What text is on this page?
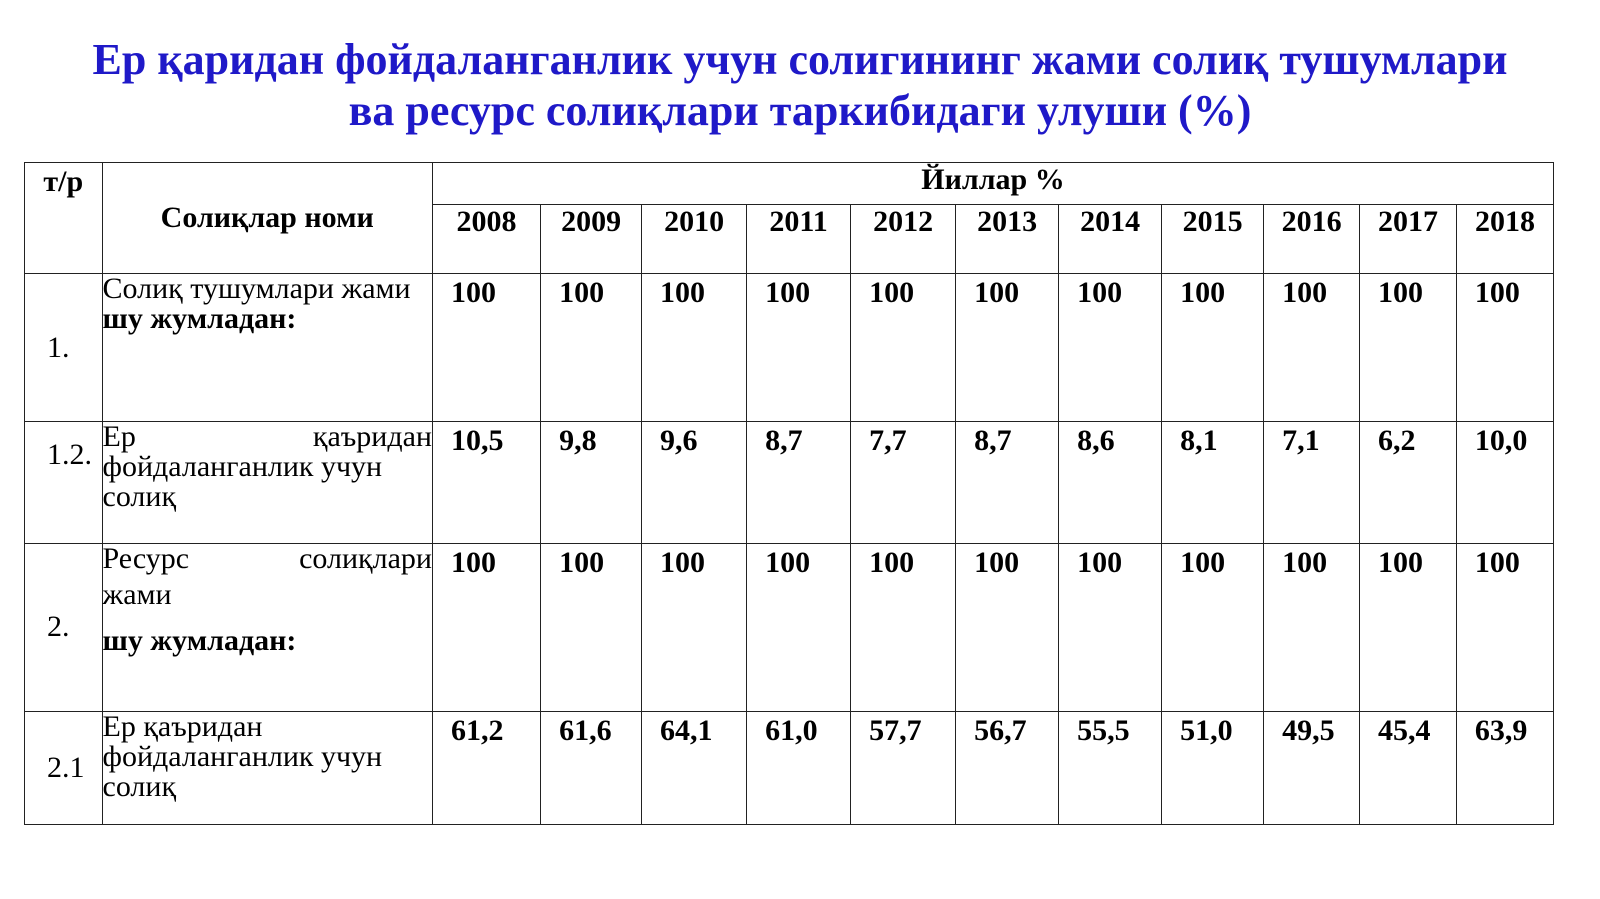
Ер қаридан фойдаланганлик учун солигининг жами солиқ тушумлари
ва ресурс солиқлари таркибидаги улуши (%)
т/р	Солиқлар номи	Йиллар %										
		2008	2009	2010	2011	2012	2013	2014	2015	2016	2017	2018
1.	Солиқ тушумлари жами
шу жумладан:	100	100	100	100	100	100	100	100	100	100	100
1.2.	Ер қаъридан
фойдаланганлик учун солиқ	10,5	9,8	9,6	8,7	7,7	8,7	8,6	8,1	7,1	6,2	10,0
2.	Ресурс солиқлари
жами
шу жумладан:	100	100	100	100	100	100	100	100	100	100	100
2.1	Ер қаъридан
фойдаланганлик учун солиқ	61,2	61,6	64,1	61,0	57,7	56,7	55,5	51,0	49,5	45,4	63,9
